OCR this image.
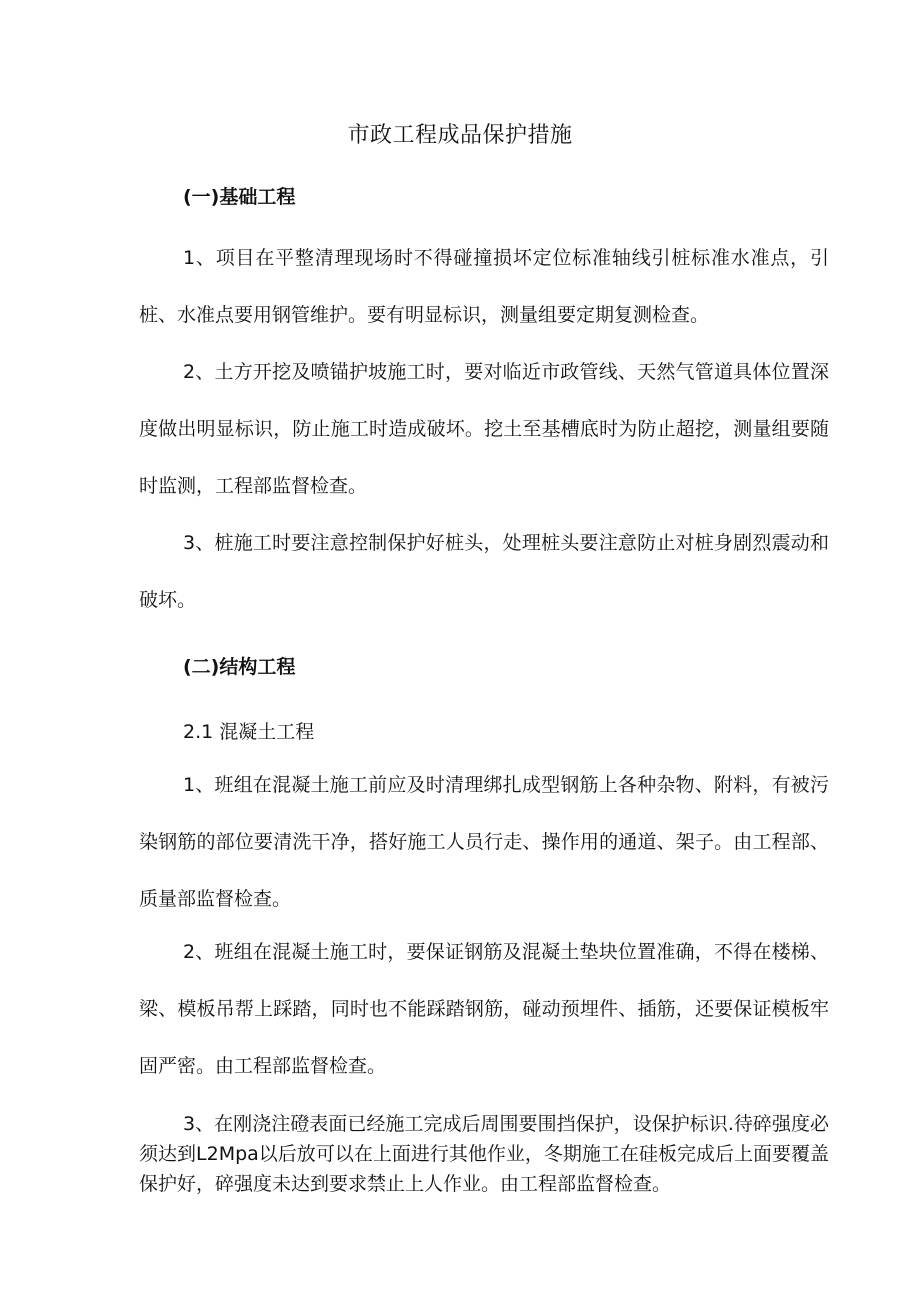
市政工程成品保护措施
(一)基础工程
1、项目在平整清理现场时不得碰撞损坏定位标准轴线引桩标准水准点，引桩、水准点要用钢管维护。要有明显标识，测量组要定期复测检查。
2、土方开挖及喷锚护坡施工时，要对临近市政管线、天然气管道具体位置深度做出明显标识，防止施工时造成破坏。挖土至基槽底时为防止超挖，测量组要随时监测，工程部监督检查。
3、桩施工时要注意控制保护好桩头，处理桩头要注意防止对桩身剧烈震动和破坏。
(二)结构工程
2.1 混凝土工程
1、班组在混凝土施工前应及时清理绑扎成型钢筋上各种杂物、附料，有被污染钢筋的部位要清洗干净，搭好施工人员行走、操作用的通道、架子。由工程部、质量部监督检查。
2、班组在混凝土施工时，要保证钢筋及混凝土垫块位置准确，不得在楼梯、梁、模板吊帮上踩踏，同时也不能踩踏钢筋，碰动预埋件、插筋，还要保证模板牢固严密。由工程部监督检查。
3、在刚浇注磴表面已经施工完成后周围要围挡保护，设保护标识.待碎强度必须达到L2Mpa以后放可以在上面进行其他作业，冬期施工在硅板完成后上面要覆盖保护好，碎强度未达到要求禁止上人作业。由工程部监督检查。
